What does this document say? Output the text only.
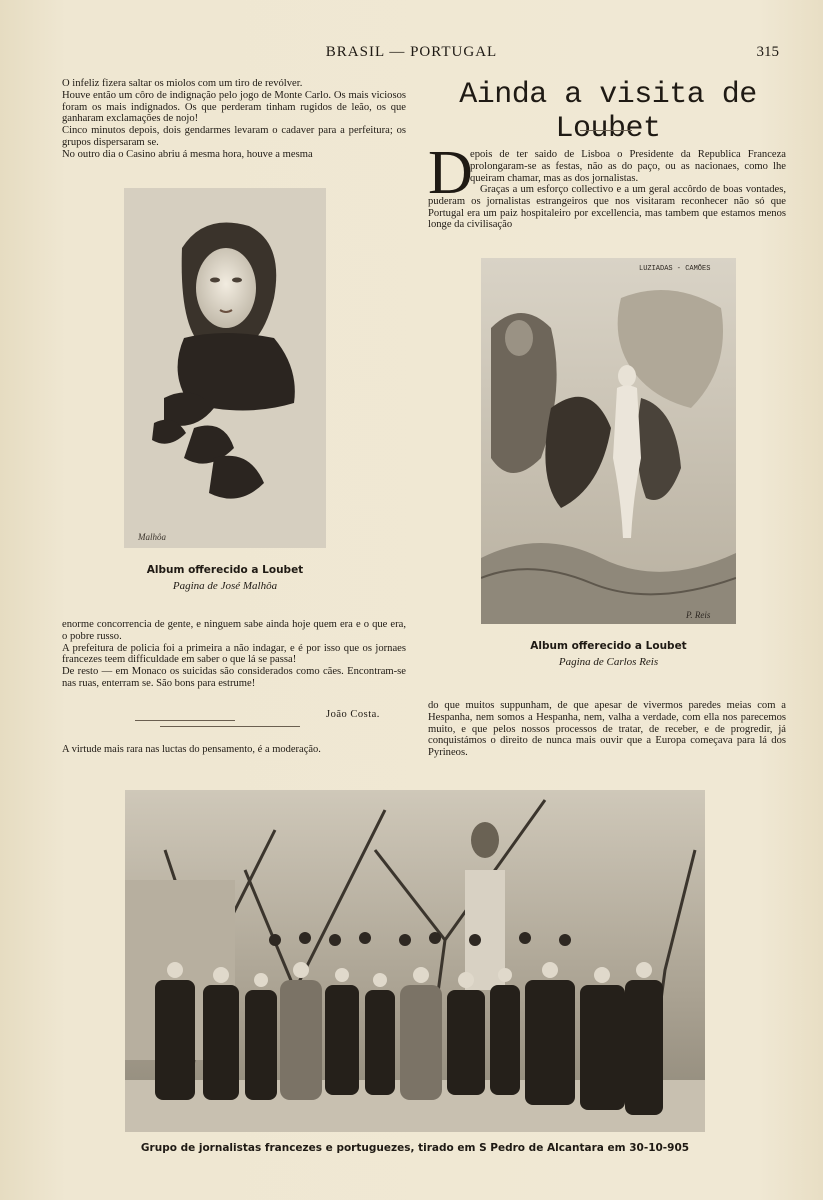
BRASIL — PORTUGAL	315

O infeliz fizera saltar os miolos com um tiro de revólver.

Houve então um côro de indignação pelo jogo de Monte Carlo. Os mais viciosos foram os mais indignados. Os que perderam tinham rugidos de leão, os que ganharam exclamações de nojo!

Cinco minutos depois, dois gendarmes levaram o cadaver para a perfeitura; os grupos dispersaram se.

No outro dia o Casino abriu á mesma hora, houve a mesma

Malhôa
Album offerecido a Loubet
Pagina de José Malhôa

enorme concorrencia de gente, e ninguem sabe ainda hoje quem era e o que era, o pobre russo.

A prefeitura de policia foi a primeira a não indagar, e é por isso que os jornaes francezes teem difficuldade em saber o que lá se passa!

De resto — em Monaco os suicidas são considerados como cães. Encontram-se nas ruas, enterram se. São bons para estrume!

João Costa.
A virtude mais rara nas luctas do pensamento, é a moderação.
Ainda a visita de Loubet
D

epois de ter saido de Lisboa o Presidente da Republica Franceza prolongaram-se as festas, não as do paço, ou as nacionaes, como lhe queiram chamar, mas as dos jornalistas.

Graças a um esforço collectivo e a um geral accôrdo de boas vontades, puderam os jornalistas estrangeiros que nos visitaram reconhecer não só que Portugal era um paiz hospitaleiro por excellencia, mas tambem que estamos menos longe da civilisação

LUZIADAS - CAMÕES
P. Reis
Album offerecido a Loubet
Pagina de Carlos Reis

do que muitos suppunham, de que apesar de vivermos paredes meias com a Hespanha, nem somos a Hespanha, nem, valha a verdade, com ella nos parecemos muito, e que pelos nossos processos de tratar, de receber, e de progredir, já conquistámos o direito de nunca mais ouvir que a Europa começava para lá dos Pyrineos.

Grupo de jornalistas francezes e portuguezes, tirado em S Pedro de Alcantara em 30-10-905
